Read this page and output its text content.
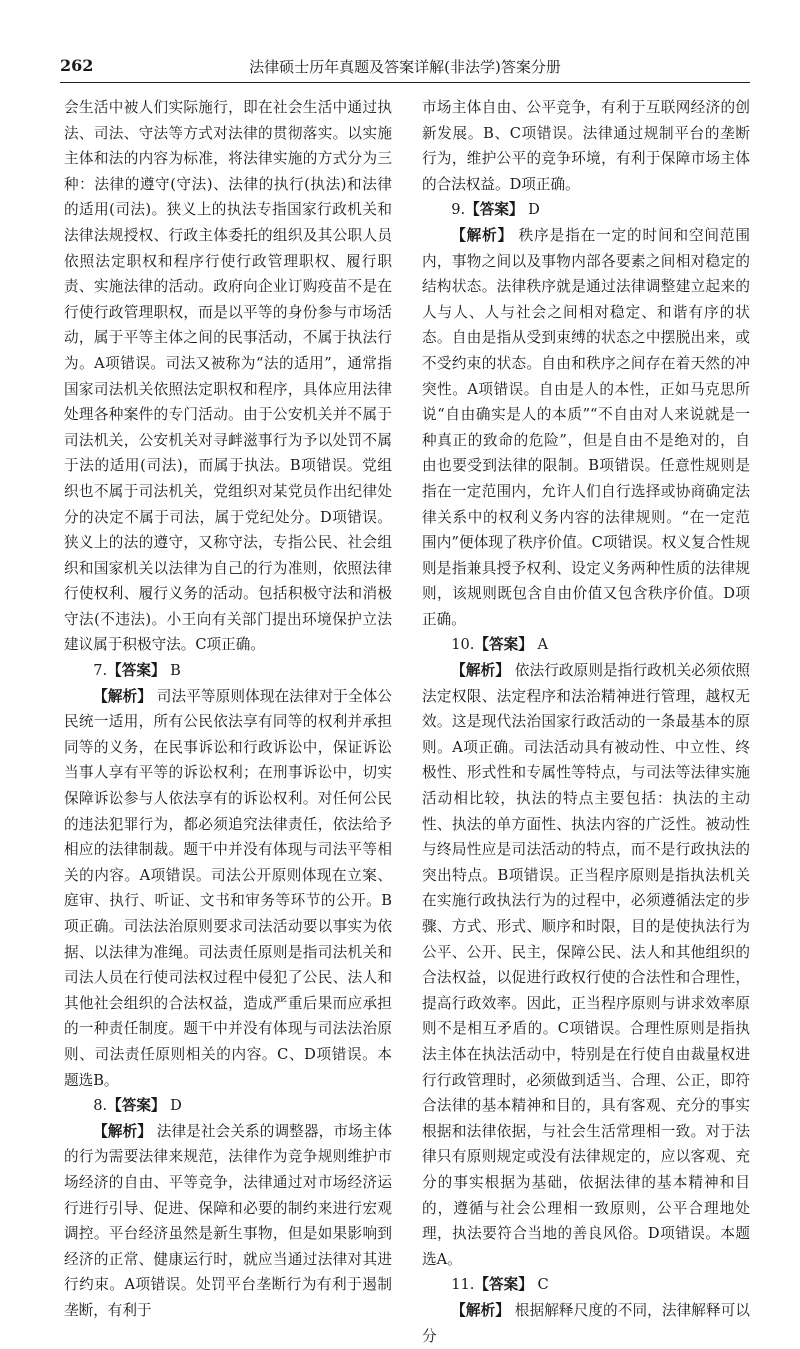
262	法律硕士历年真题及答案详解(非法学)答案分册

会生活中被人们实际施行，即在社会生活中通过执法、司法、守法等方式对法律的贯彻落实。以实施主体和法的内容为标准，将法律实施的方式分为三种：法律的遵守(守法)、法律的执行(执法)和法律的适用(司法)。狭义上的执法专指国家行政机关和法律法规授权、行政主体委托的组织及其公职人员依照法定职权和程序行使行政管理职权、履行职责、实施法律的活动。政府向企业订购疫苗不是在行使行政管理职权，而是以平等的身份参与市场活动，属于平等主体之间的民事活动，不属于执法行为。A项错误。司法又被称为“法的适用”，通常指国家司法机关依照法定职权和程序，具体应用法律处理各种案件的专门活动。由于公安机关并不属于司法机关，公安机关对寻衅滋事行为予以处罚不属于法的适用(司法)，而属于执法。B项错误。党组织也不属于司法机关，党组织对某党员作出纪律处分的决定不属于司法，属于党纪处分。D项错误。狭义上的法的遵守，又称守法，专指公民、社会组织和国家机关以法律为自己的行为准则，依照法律行使权利、履行义务的活动。包括积极守法和消极守法(不违法)。小王向有关部门提出环境保护立法建议属于积极守法。C项正确。

7.【答案】 B

【解析】 司法平等原则体现在法律对于全体公民统一适用，所有公民依法享有同等的权利并承担同等的义务，在民事诉讼和行政诉讼中，保证诉讼当事人享有平等的诉讼权利；在刑事诉讼中，切实保障诉讼参与人依法享有的诉讼权利。对任何公民的违法犯罪行为，都必须追究法律责任，依法给予相应的法律制裁。题干中并没有体现与司法平等相关的内容。A项错误。司法公开原则体现在立案、庭审、执行、听证、文书和审务等环节的公开。B项正确。司法法治原则要求司法活动要以事实为依据、以法律为准绳。司法责任原则是指司法机关和司法人员在行使司法权过程中侵犯了公民、法人和其他社会组织的合法权益，造成严重后果而应承担的一种责任制度。题干中并没有体现与司法法治原则、司法责任原则相关的内容。C、D项错误。本题选B。

8.【答案】 D

【解析】 法律是社会关系的调整器，市场主体的行为需要法律来规范，法律作为竞争规则维护市场经济的自由、平等竞争，法律通过对市场经济运行进行引导、促进、保障和必要的制约来进行宏观调控。平台经济虽然是新生事物，但是如果影响到经济的正常、健康运行时，就应当通过法律对其进行约束。A项错误。处罚平台垄断行为有利于遏制垄断，有利于

市场主体自由、公平竞争，有利于互联网经济的创新发展。B、C项错误。法律通过规制平台的垄断行为，维护公平的竞争环境，有利于保障市场主体的合法权益。D项正确。

9.【答案】 D

【解析】 秩序是指在一定的时间和空间范围内，事物之间以及事物内部各要素之间相对稳定的结构状态。法律秩序就是通过法律调整建立起来的人与人、人与社会之间相对稳定、和谐有序的状态。自由是指从受到束缚的状态之中摆脱出来，或不受约束的状态。自由和秩序之间存在着天然的冲突性。A项错误。自由是人的本性，正如马克思所说“自由确实是人的本质”“不自由对人来说就是一种真正的致命的危险”，但是自由不是绝对的，自由也要受到法律的限制。B项错误。任意性规则是指在一定范围内，允许人们自行选择或协商确定法律关系中的权利义务内容的法律规则。“在一定范围内”便体现了秩序价值。C项错误。权义复合性规则是指兼具授予权利、设定义务两种性质的法律规则，该规则既包含自由价值又包含秩序价值。D项正确。

10.【答案】 A

【解析】 依法行政原则是指行政机关必须依照法定权限、法定程序和法治精神进行管理，越权无效。这是现代法治国家行政活动的一条最基本的原则。A项正确。司法活动具有被动性、中立性、终极性、形式性和专属性等特点，与司法等法律实施活动相比较，执法的特点主要包括：执法的主动性、执法的单方面性、执法内容的广泛性。被动性与终局性应是司法活动的特点，而不是行政执法的突出特点。B项错误。正当程序原则是指执法机关在实施行政执法行为的过程中，必须遵循法定的步骤、方式、形式、顺序和时限，目的是使执法行为公平、公开、民主，保障公民、法人和其他组织的合法权益，以促进行政权行使的合法性和合理性，提高行政效率。因此，正当程序原则与讲求效率原则不是相互矛盾的。C项错误。合理性原则是指执法主体在执法活动中，特别是在行使自由裁量权进行行政管理时，必须做到适当、合理、公正，即符合法律的基本精神和目的，具有客观、充分的事实根据和法律依据，与社会生活常理相一致。对于法律只有原则规定或没有法律规定的，应以客观、充分的事实根据为基础，依据法律的基本精神和目的，遵循与社会公理相一致原则，公平合理地处理，执法要符合当地的善良风俗。D项错误。本题选A。

11.【答案】 C

【解析】 根据解释尺度的不同，法律解释可以分
